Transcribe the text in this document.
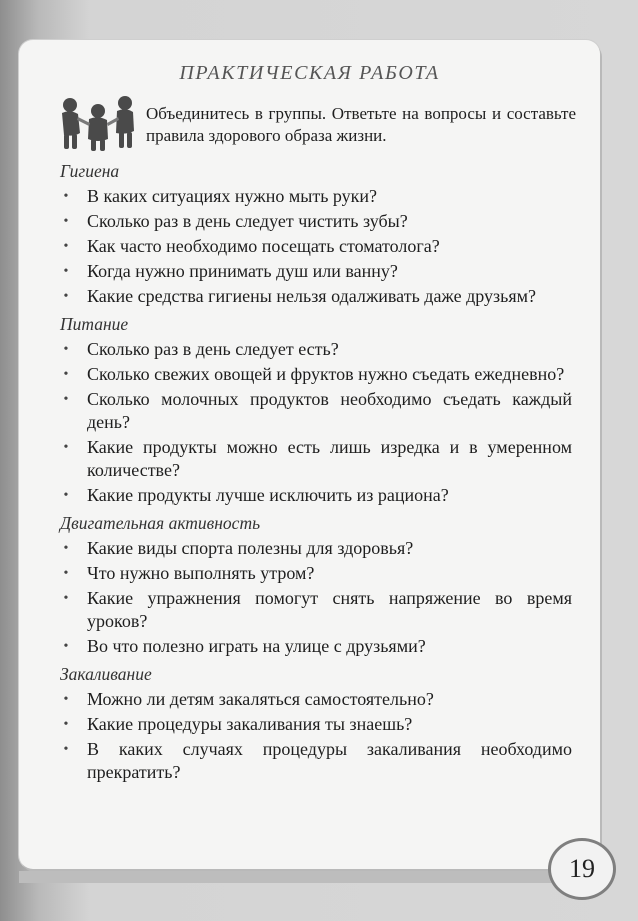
ПРАКТИЧЕСКАЯ РАБОТА
Объединитесь в группы. Ответьте на вопросы и составьте правила здорового образа жизни.
Гигиена
• В каких ситуациях нужно мыть руки?
• Сколько раз в день следует чистить зубы?
• Как часто необходимо посещать стоматолога?
• Когда нужно принимать душ или ванну?
• Какие средства гигиены нельзя одалживать даже друзьям?
Питание
• Сколько раз в день следует есть?
• Сколько свежих овощей и фруктов нужно съедать ежедневно?
• Сколько молочных продуктов необходимо съедать каждый день?
• Какие продукты можно есть лишь изредка и в умеренном количестве?
• Какие продукты лучше исключить из рациона?
Двигательная активность
• Какие виды спорта полезны для здоровья?
• Что нужно выполнять утром?
• Какие упражнения помогут снять напряжение во время уроков?
• Во что полезно играть на улице с друзьями?
Закаливание
• Можно ли детям закаляться самостоятельно?
• Какие процедуры закаливания ты знаешь?
• В каких случаях процедуры закаливания необходимо прекратить?
19
